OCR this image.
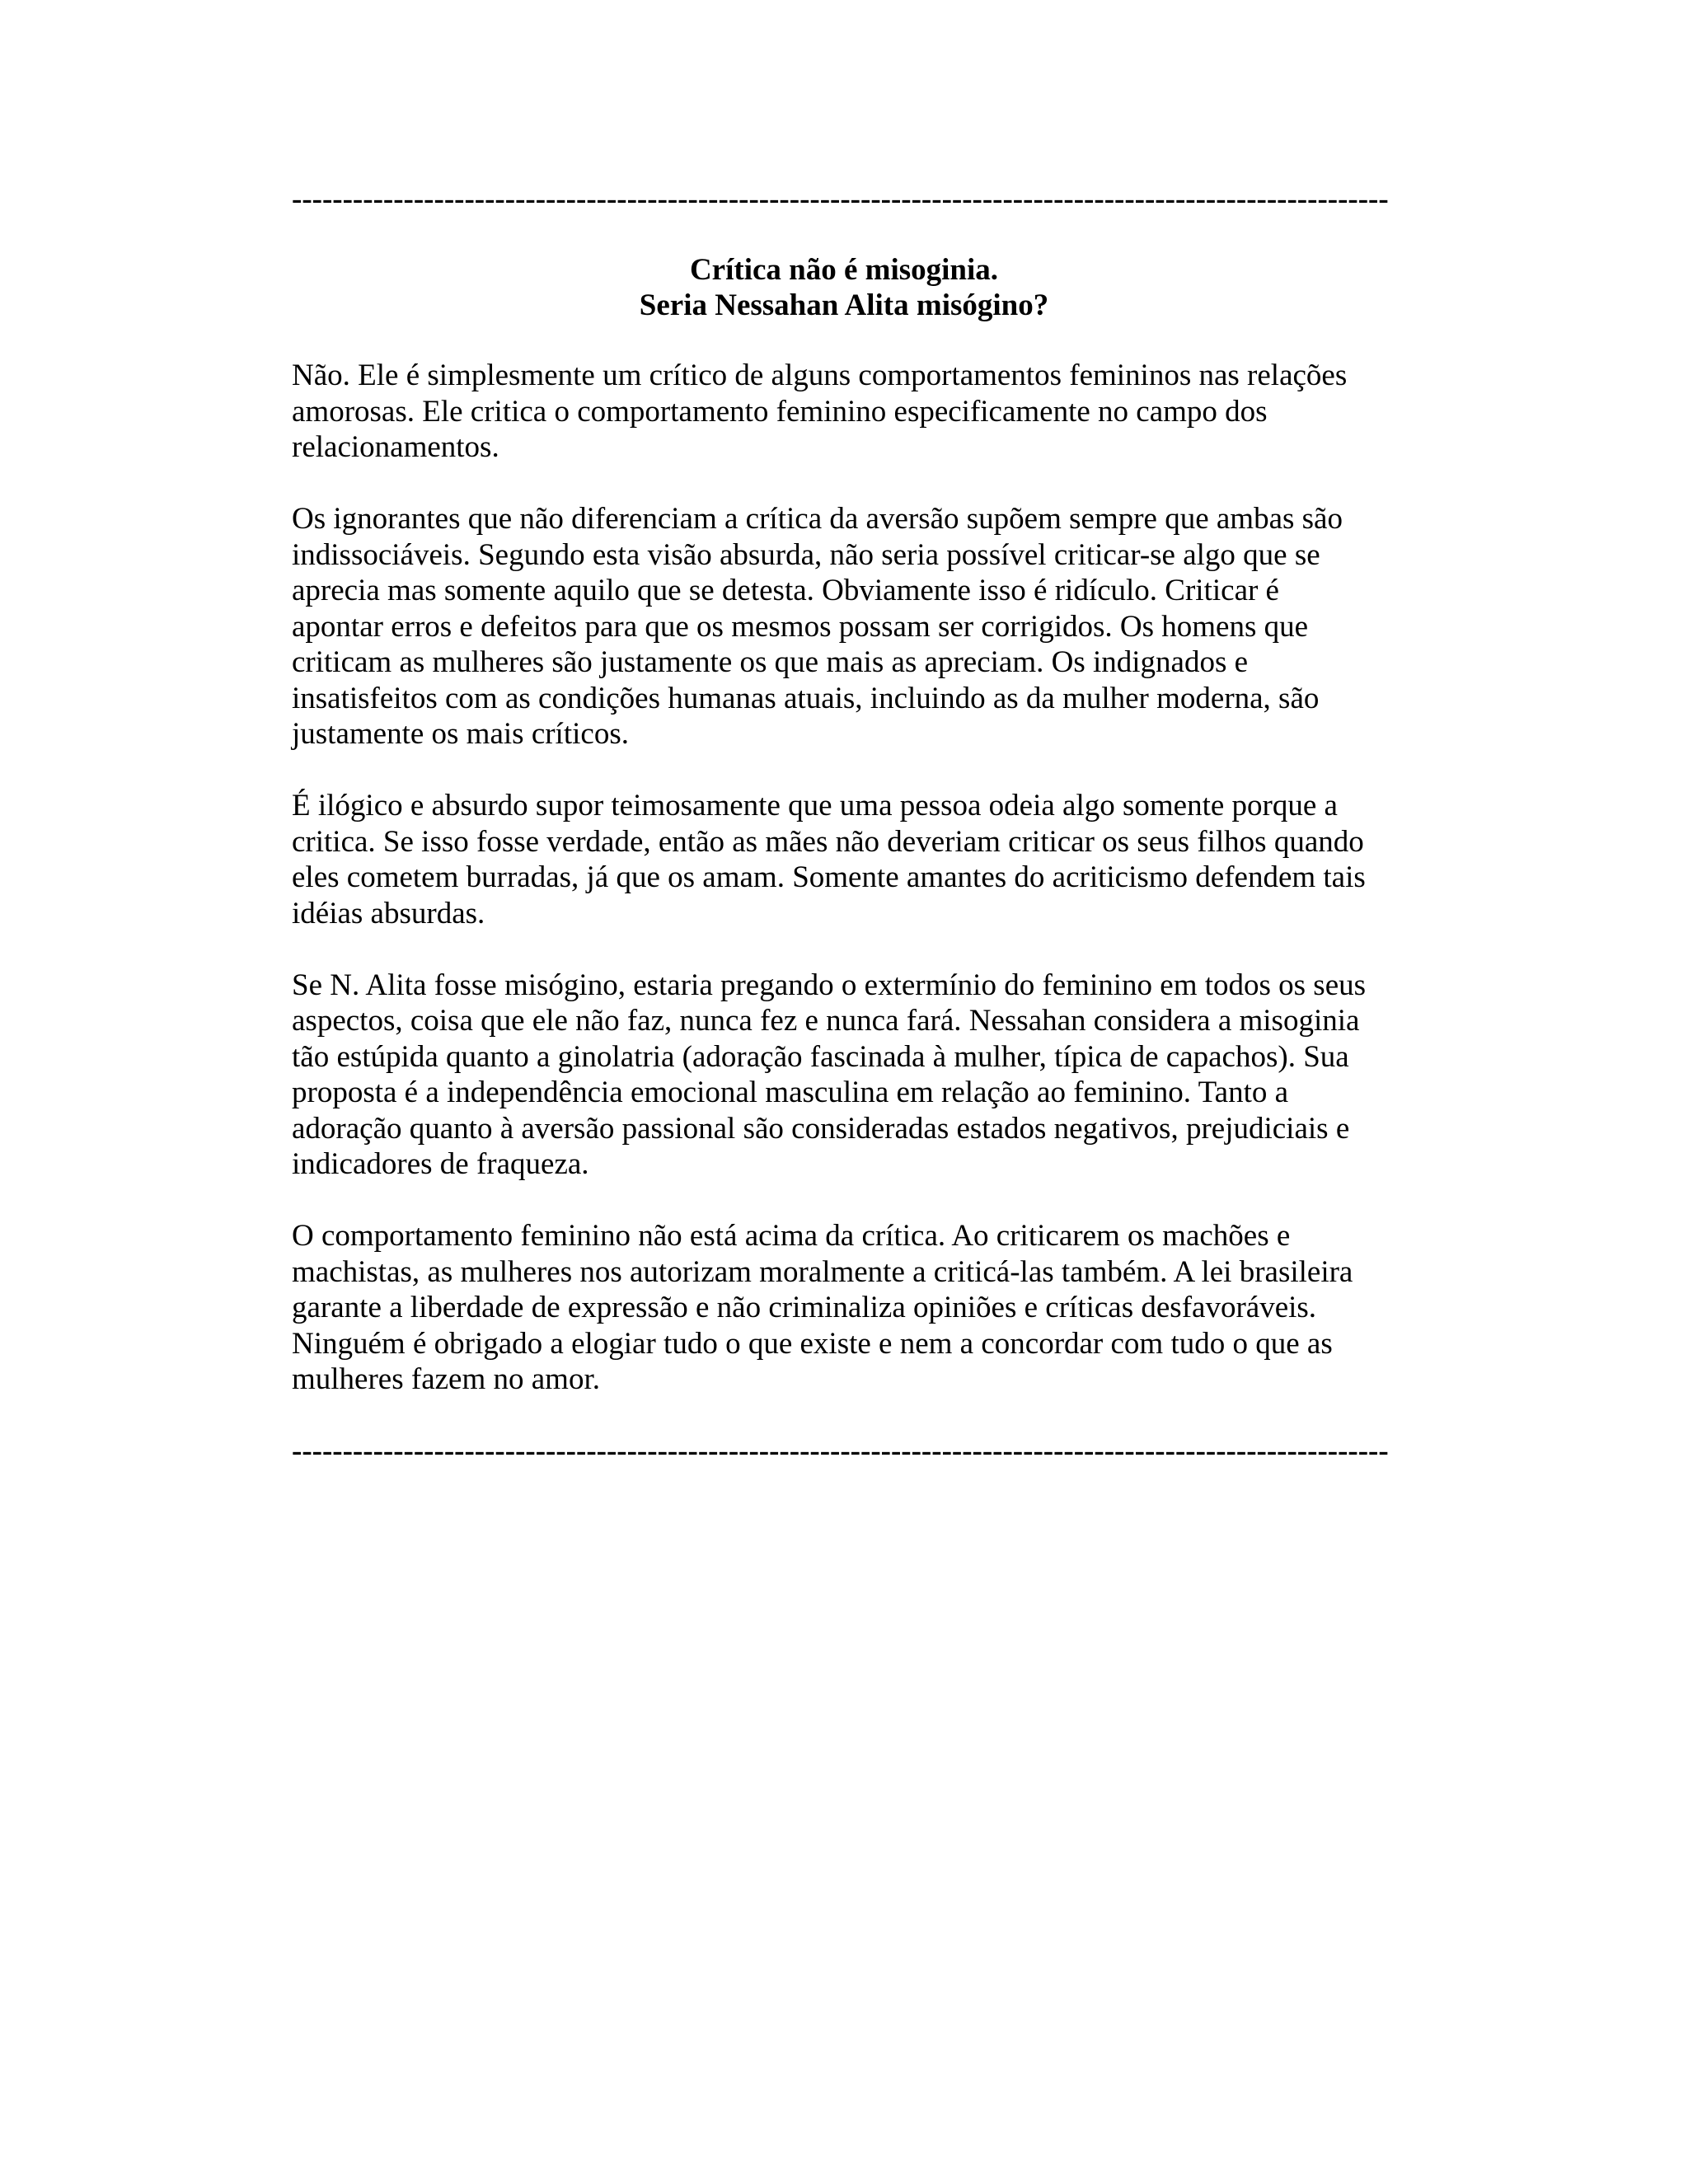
------------------------------------------------------------------------------------------------------------
Crítica não é misoginia.
Seria Nessahan Alita misógino?
Não. Ele é simplesmente um crítico de alguns comportamentos femininos nas relações
amorosas. Ele critica o comportamento feminino especificamente no campo dos
relacionamentos.
Os ignorantes que não diferenciam a crítica da aversão supõem sempre que ambas são
indissociáveis. Segundo esta visão absurda, não seria possível criticar-se algo que se
aprecia mas somente aquilo que se detesta. Obviamente isso é ridículo. Criticar é
apontar erros e defeitos para que os mesmos possam ser corrigidos. Os homens que
criticam as mulheres são justamente os que mais as apreciam. Os indignados e
insatisfeitos com as condições humanas atuais, incluindo as da mulher moderna, são
justamente os mais críticos.
É ilógico e absurdo supor teimosamente que uma pessoa odeia algo somente porque a
critica. Se isso fosse verdade, então as mães não deveriam criticar os seus filhos quando
eles cometem burradas, já que os amam. Somente amantes do acriticismo defendem tais
idéias absurdas.
Se N. Alita fosse misógino, estaria pregando o extermínio do feminino em todos os seus
aspectos, coisa que ele não faz, nunca fez e nunca fará. Nessahan considera a misoginia
tão estúpida quanto a ginolatria (adoração fascinada à mulher, típica de capachos). Sua
proposta é a independência emocional masculina em relação ao feminino. Tanto a
adoração quanto à aversão passional são consideradas estados negativos, prejudiciais e
indicadores de fraqueza.
O comportamento feminino não está acima da crítica. Ao criticarem os machões e
machistas, as mulheres nos autorizam moralmente a criticá-las também. A lei brasileira
garante a liberdade de expressão e não criminaliza opiniões e críticas desfavoráveis.
Ninguém é obrigado a elogiar tudo o que existe e nem a concordar com tudo o que as
mulheres fazem no amor.
------------------------------------------------------------------------------------------------------------
